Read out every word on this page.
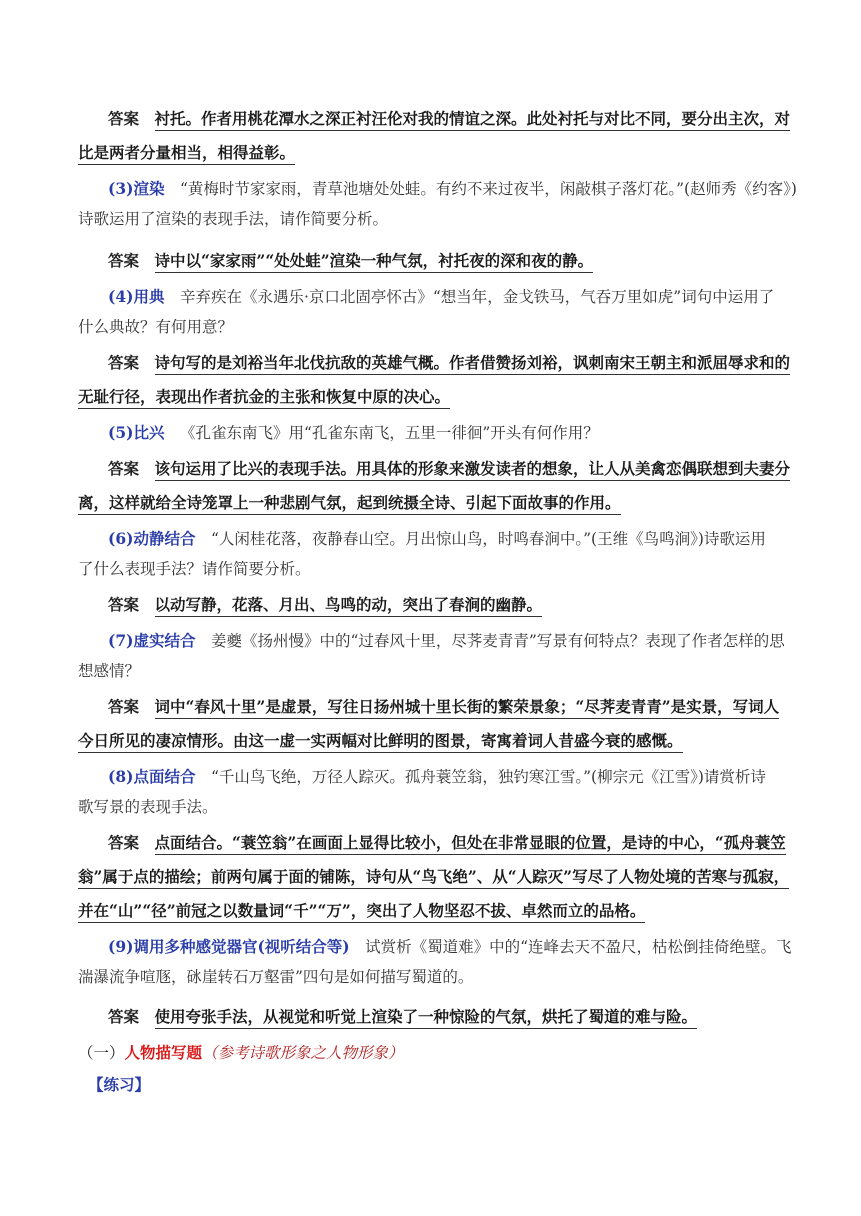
答案  衬托。作者用桃花潭水之深正衬汪伦对我的情谊之深。此处衬托与对比不同，要分出主次，对
比是两者分量相当，相得益彰。
(3)渲染  “黄梅时节家家雨，青草池塘处处蛙。有约不来过夜半，闲敲棋子落灯花。”(赵师秀《约客》)
诗歌运用了渲染的表现手法，请作简要分析。
答案  诗中以“家家雨”“处处蛙”渲染一种气氛，衬托夜的深和夜的静。
(4)用典  辛弃疾在《永遇乐·京口北固亭怀古》“想当年，金戈铁马，气吞万里如虎”词句中运用了
什么典故？有何用意？
答案  诗句写的是刘裕当年北伐抗敌的英雄气概。作者借赞扬刘裕，讽刺南宋王朝主和派屈辱求和的
无耻行径，表现出作者抗金的主张和恢复中原的决心。
(5)比兴  《孔雀东南飞》用“孔雀东南飞，五里一徘徊”开头有何作用？
答案  该句运用了比兴的表现手法。用具体的形象来激发读者的想象，让人从美禽恋偶联想到夫妻分
离，这样就给全诗笼罩上一种悲剧气氛，起到统摄全诗、引起下面故事的作用。
(6)动静结合  “人闲桂花落，夜静春山空。月出惊山鸟，时鸣春涧中。”(王维《鸟鸣涧》)诗歌运用
了什么表现手法？请作简要分析。
答案  以动写静，花落、月出、鸟鸣的动，突出了春涧的幽静。
(7)虚实结合  姜夔《扬州慢》中的“过春风十里，尽荠麦青青”写景有何特点？表现了作者怎样的思
想感情？
答案  词中“春风十里”是虚景，写往日扬州城十里长街的繁荣景象；“尽荠麦青青”是实景，写词人
今日所见的凄凉情形。由这一虚一实两幅对比鲜明的图景，寄寓着词人昔盛今衰的感慨。
(8)点面结合  “千山鸟飞绝，万径人踪灭。孤舟蓑笠翁，独钓寒江雪。”(柳宗元《江雪》)请赏析诗
歌写景的表现手法。
答案  点面结合。“蓑笠翁”在画面上显得比较小，但处在非常显眼的位置，是诗的中心，“孤舟蓑笠
翁”属于点的描绘；前两句属于面的铺陈，诗句从“鸟飞绝”、从“人踪灭”写尽了人物处境的苦寒与孤寂，
并在“山”“径”前冠之以数量词“千”“万”，突出了人物坚忍不拔、卓然而立的品格。
(9)调用多种感觉器官(视听结合等)  试赏析《蜀道难》中的“连峰去天不盈尺，枯松倒挂倚绝壁。飞
湍瀑流争喧豗，砯崖转石万壑雷”四句是如何描写蜀道的。
答案  使用夸张手法，从视觉和听觉上渲染了一种惊险的气氛，烘托了蜀道的难与险。
（一）人物描写题（参考诗歌形象之人物形象）
【练习】
